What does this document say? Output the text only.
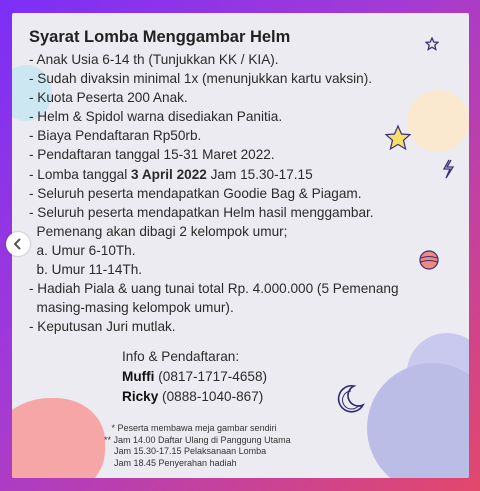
Syarat Lomba Menggambar Helm
- Anak Usia 6-14 th (Tunjukkan KK / KIA).
- Sudah divaksin minimal 1x (menunjukkan kartu vaksin).
- Kuota Peserta 200 Anak.
- Helm & Spidol warna disediakan Panitia.
- Biaya Pendaftaran Rp50rb.
- Pendaftaran tanggal 15-31 Maret 2022.
- Lomba tanggal 3 April 2022 Jam 15.30-17.15
- Seluruh peserta mendapatkan Goodie Bag & Piagam.
- Seluruh peserta mendapatkan Helm hasil menggambar.
Pemenang akan dibagi 2 kelompok umur;
a. Umur 6-10Th.
b. Umur 11-14Th.
- Hadiah Piala & uang tunai total Rp. 4.000.000 (5 Pemenang
masing-masing kelompok umur).
- Keputusan Juri mutlak.
Info & Pendaftaran:
Muffi (0817-1717-4658)
Ricky (0888-1040-867)
* Peserta membawa meja gambar sendiri
** Jam 14.00 Daftar Ulang di Panggung Utama
Jam 15.30-17.15 Pelaksanaan Lomba
Jam 18.45 Penyerahan hadiah
